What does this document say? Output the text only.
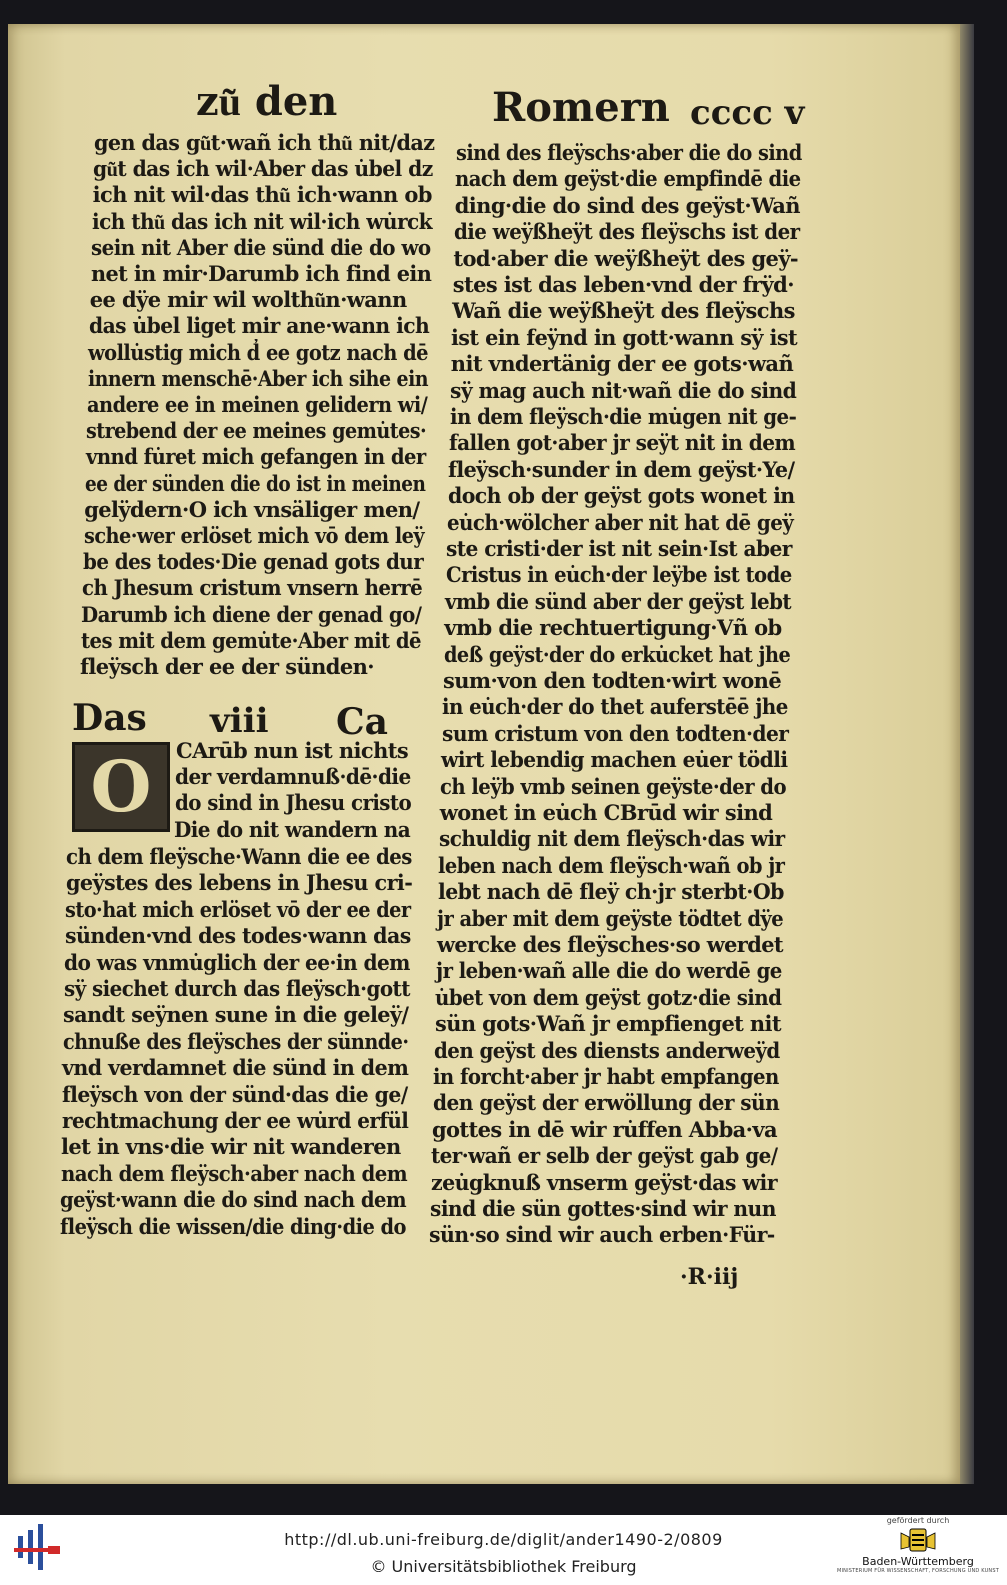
zu͂ den	Romern cccc v
gen das gu͂t·wañ ich thu͂ nit/daz
gu͂t das ich wil·Aber das u̇bel dz
ich nit wil·das thu͂ ich·wann ob
ich thu͂ das ich nit wil·ich wu̇rck
sein nit Aber die sünd die do wo
net in mir·Darumb ich find ein
ee dÿe mir wil wolthu͂n·wann
das u̇bel liget mir ane·wann ich
wollu̇stig mich d̓ ee gotz nach dē
innern menschē·Aber ich sihe ein
andere ee in meinen gelidern wi/
strebend der ee meines gemu̇tes·
vnnd fu̇ret mich gefangen in der
ee der sünden die do ist in meinen
gelÿdern·O ich vnsäliger men/
sche·wer erlöset mich vō dem leÿ
be des todes·Die genad gots dur
ch Jhesum cristum vnsern herrē
Darumb ich diene der genad go/
tes mit dem gemu̇te·Aber mit dē
fleÿsch der ee der sünden·
Das viii Ca
O CArūb nun ist nichts
der verdamnuß·dē·die
do sind in Jhesu cristo
Die do nit wandern na
ch dem fleÿsche·Wann die ee des
geÿstes des lebens in Jhesu cri-
sto·hat mich erlöset vō der ee der
sünden·vnd des todes·wann das
do was vnmu̇glich der ee·in dem
sÿ siechet durch das fleÿsch·gott
sandt seÿnen sune in die geleÿ/
chnuße des fleÿsches der sünnde·
vnd verdamnet die sünd in dem
fleÿsch von der sünd·das die ge/
rechtmachung der ee wu̇rd erfül
let in vns·die wir nit wanderen
nach dem fleÿsch·aber nach dem
geÿst·wann die do sind nach dem
fleÿsch die wissen/die ding·die do
sind des fleÿschs·aber die do sind
nach dem geÿst·die empfindē die
ding·die do sind des geÿst·Wañ
die weÿßheÿt des fleÿschs ist der
tod·aber die weÿßheÿt des geÿ-
stes ist das leben·vnd der frÿd·
Wañ die weÿßheÿt des fleÿschs
ist ein feÿnd in gott·wann sÿ ist
nit vndertänig der ee gots·wañ
sÿ mag auch nit·wañ die do sind
in dem fleÿsch·die mu̇gen nit ge-
fallen got·aber jr seÿt nit in dem
fleÿsch·sunder in dem geÿst·Ye/
doch ob der geÿst gots wonet in
eu̇ch·wölcher aber nit hat dē geÿ
ste cristi·der ist nit sein·Ist aber
Cristus in eu̇ch·der leÿbe ist tode
vmb die sünd aber der geÿst lebt
vmb die rechtuertigung·Vñ ob
deß geÿst·der do erku̇cket hat jhe
sum·von den todten·wirt wonē
in eu̇ch·der do thet auferstēē jhe
sum cristum von den todten·der
wirt lebendig machen eu̇er tödli
ch leÿb vmb seinen geÿste·der do
wonet in eu̇ch CBrūd wir sind
schuldig nit dem fleÿsch·das wir
leben nach dem fleÿsch·wañ ob jr
lebt nach dē fleÿ ch·jr sterbt·Ob
jr aber mit dem geÿste tödtet dÿe
wercke des fleÿsches·so werdet
jr leben·wañ alle die do werdē ge
u̇bet von dem geÿst gotz·die sind
sün gots·Wañ jr empfienget nit
den geÿst des diensts anderweÿd
in forcht·aber jr habt empfangen
den geÿst der erwöllung der sün
gottes in dē wir ru̇ffen Abba·va
ter·wañ er selb der geÿst gab ge/
zeu̇gknuß vnserm geÿst·das wir
sind die sün gottes·sind wir nun
sün·so sind wir auch erben·Für-
·R·iij
http://dl.ub.uni-freiburg.de/diglit/ander1490-2/0809
© Universitätsbibliothek Freiburg
gefördert durch
Baden-Württemberg
MINISTERIUM FÜR WISSENSCHAFT, FORSCHUNG UND KUNST
